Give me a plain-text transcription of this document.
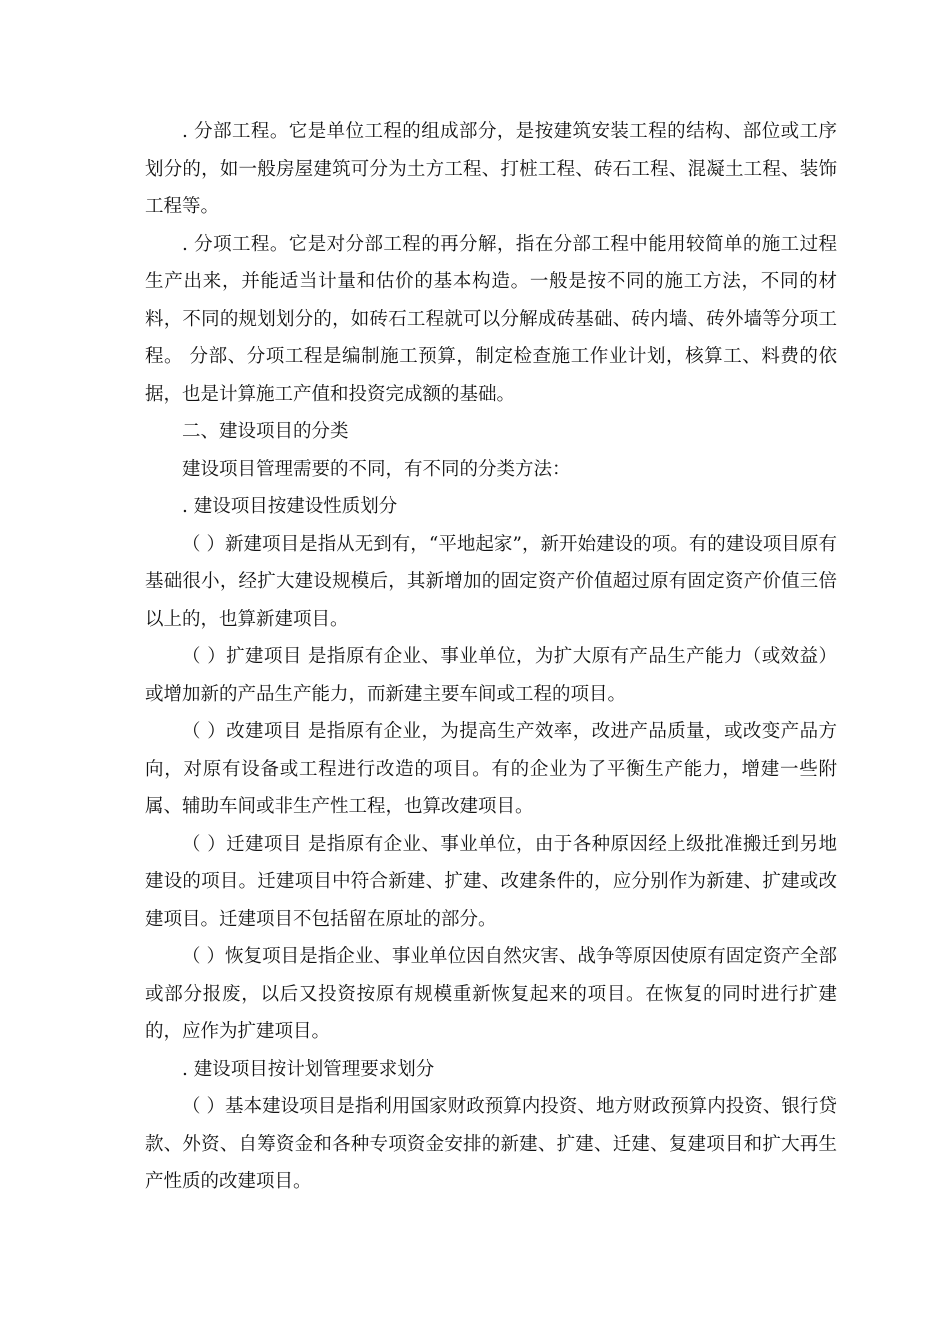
. 分部工程。它是单位工程的组成部分，是按建筑安装工程的结构、部位或工序划分的，如一般房屋建筑可分为土方工程、打桩工程、砖石工程、混凝土工程、装饰工程等。

. 分项工程。它是对分部工程的再分解，指在分部工程中能用较简单的施工过程生产出来，并能适当计量和估价的基本构造。一般是按不同的施工方法，不同的材料，不同的规划划分的，如砖石工程就可以分解成砖基础、砖内墙、砖外墙等分项工程。 分部、分项工程是编制施工预算，制定检查施工作业计划，核算工、料费的依据，也是计算施工产值和投资完成额的基础。

二、建设项目的分类

建设项目管理需要的不同，有不同的分类方法：

. 建设项目按建设性质划分

（ ）新建项目是指从无到有，“平地起家”，新开始建设的项。有的建设项目原有基础很小，经扩大建设规模后，其新增加的固定资产价值超过原有固定资产价值三倍以上的，也算新建项目。

（ ）扩建项目 是指原有企业、事业单位，为扩大原有产品生产能力（或效益）或增加新的产品生产能力，而新建主要车间或工程的项目。

（ ）改建项目 是指原有企业，为提高生产效率，改进产品质量，或改变产品方向，对原有设备或工程进行改造的项目。有的企业为了平衡生产能力，增建一些附属、辅助车间或非生产性工程，也算改建项目。

（ ）迁建项目 是指原有企业、事业单位，由于各种原因经上级批准搬迁到另地建设的项目。迁建项目中符合新建、扩建、改建条件的，应分别作为新建、扩建或改建项目。迁建项目不包括留在原址的部分。

（ ）恢复项目是指企业、事业单位因自然灾害、战争等原因使原有固定资产全部或部分报废，以后又投资按原有规模重新恢复起来的项目。在恢复的同时进行扩建的，应作为扩建项目。

. 建设项目按计划管理要求划分

（ ）基本建设项目是指利用国家财政预算内投资、地方财政预算内投资、银行贷款、外资、自筹资金和各种专项资金安排的新建、扩建、迁建、复建项目和扩大再生产性质的改建项目。
